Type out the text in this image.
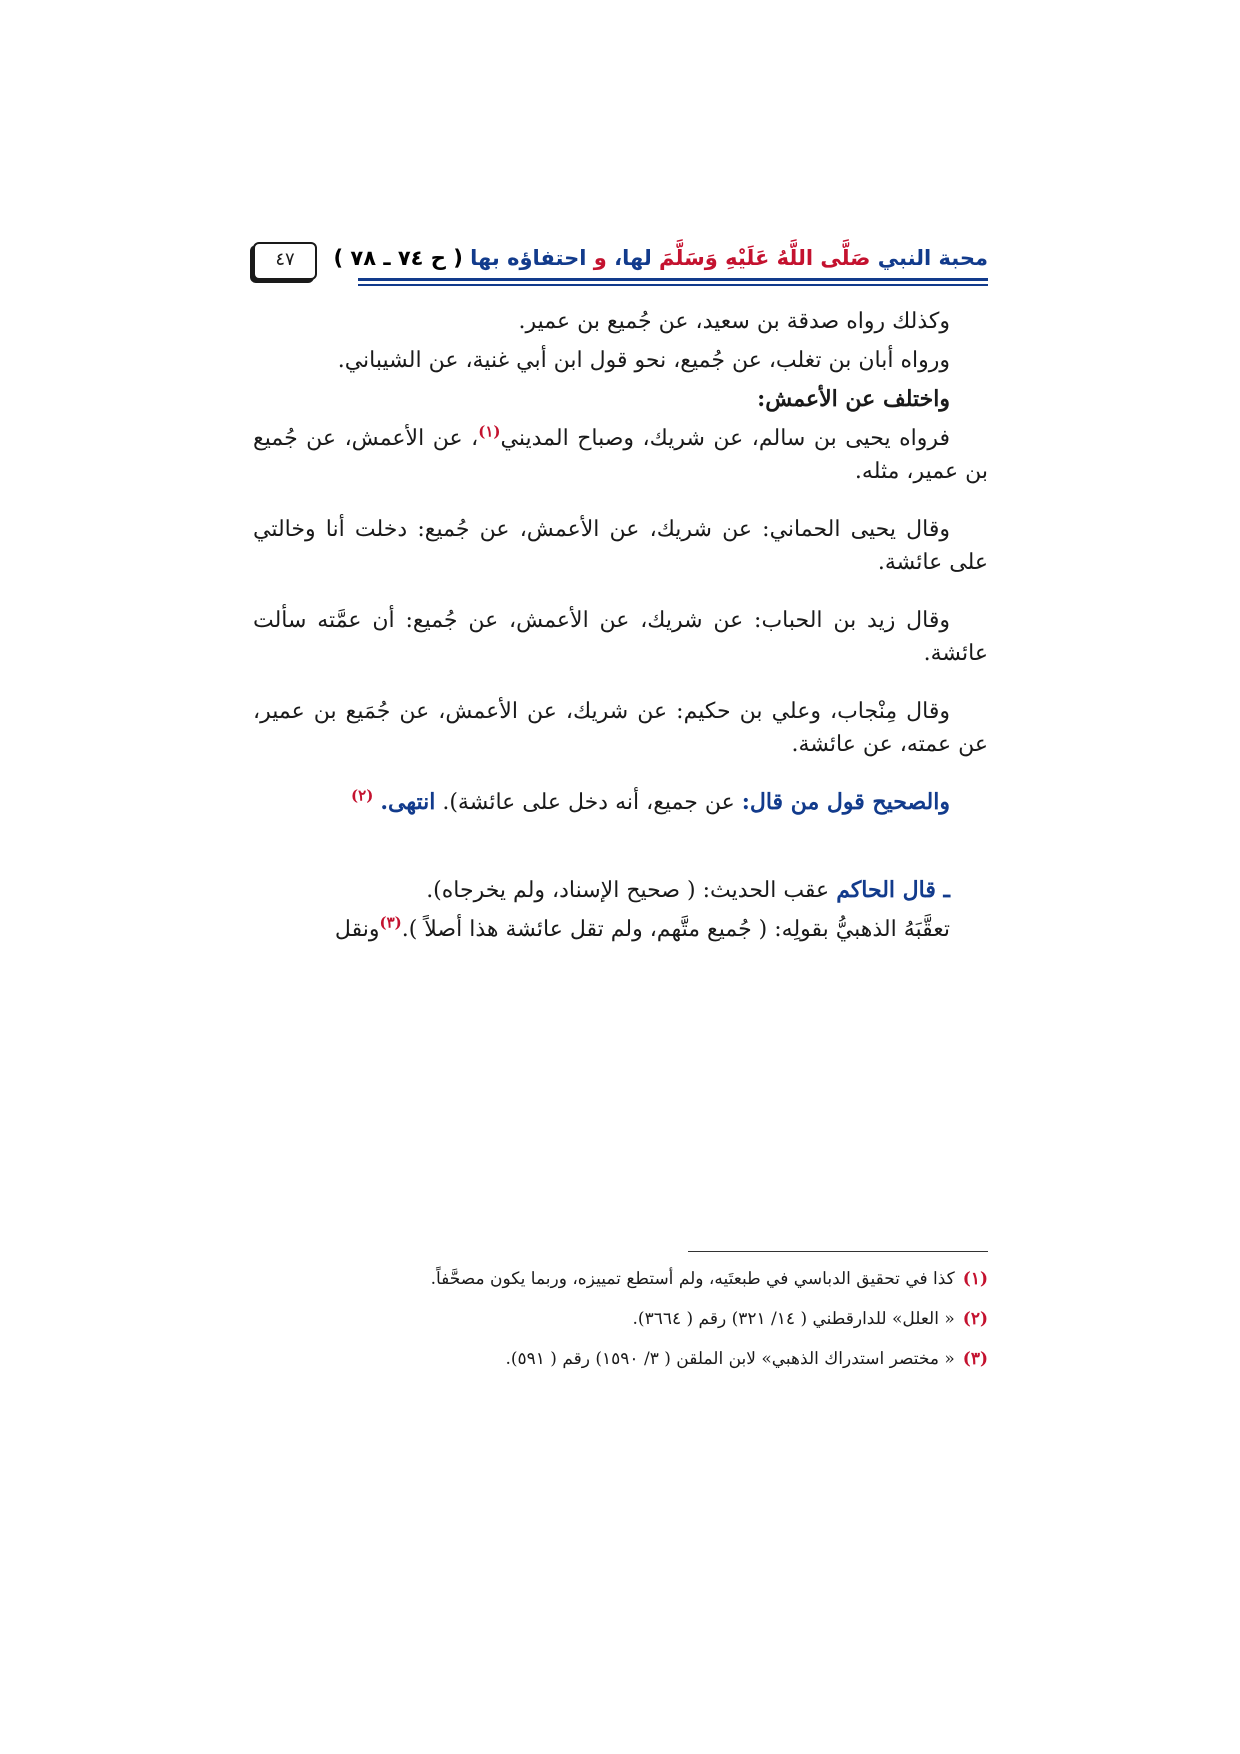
محبة النبي صَلَّى اللَّهُ عَلَيْهِ وَسَلَّمَ لها، و احتفاؤه بها ( ح ٧٤ ـ ٧٨ )
٤٧

وكذلك رواه صدقة بن سعيد، عن جُميع بن عمير.

ورواه أبان بن تغلب، عن جُميع، نحو قول ابن أبي غنية، عن الشيباني.

واختلف عن الأعمش:

فرواه يحيى بن سالم، عن شريك، وصباح المديني$^{(١)}$، عن الأعمش، عن جُميع بن عمير، مثله.

وقال يحيى الحماني: عن شريك، عن الأعمش، عن جُميع: دخلت أنا وخالتي على عائشة.

وقال زيد بن الحباب: عن شريك، عن الأعمش، عن جُميع: أن عمَّته سألت عائشة.

وقال مِنْجاب، وعلي بن حكيم: عن شريك، عن الأعمش، عن جُمَيع بن عمير، عن عمته، عن عائشة.

والصحيح قول من قال: عن جميع، أنه دخل على عائشة). انتهى. $^{(٢)}$

ـ قال الحاكم عقب الحديث: ( صحيح الإسناد، ولم يخرجاه).

تعقَّبَهُ الذهبيُّ بقولِه: ( جُميع متَّهم، ولم تقل عائشة هذا أصلاً ).$^{(٣)}$ونقل

(١)كذا في تحقيق الدباسي في طبعتَيه، ولم أستطع تمييزه، وربما يكون مصحَّفاً.

(٢)« العلل» للدارقطني ( ١٤/ ٣٢١) رقم ( ٣٦٦٤).

(٣)« مختصر استدراك الذهبي» لابن الملقن ( ٣/ ١٥٩٠) رقم ( ٥٩١).
